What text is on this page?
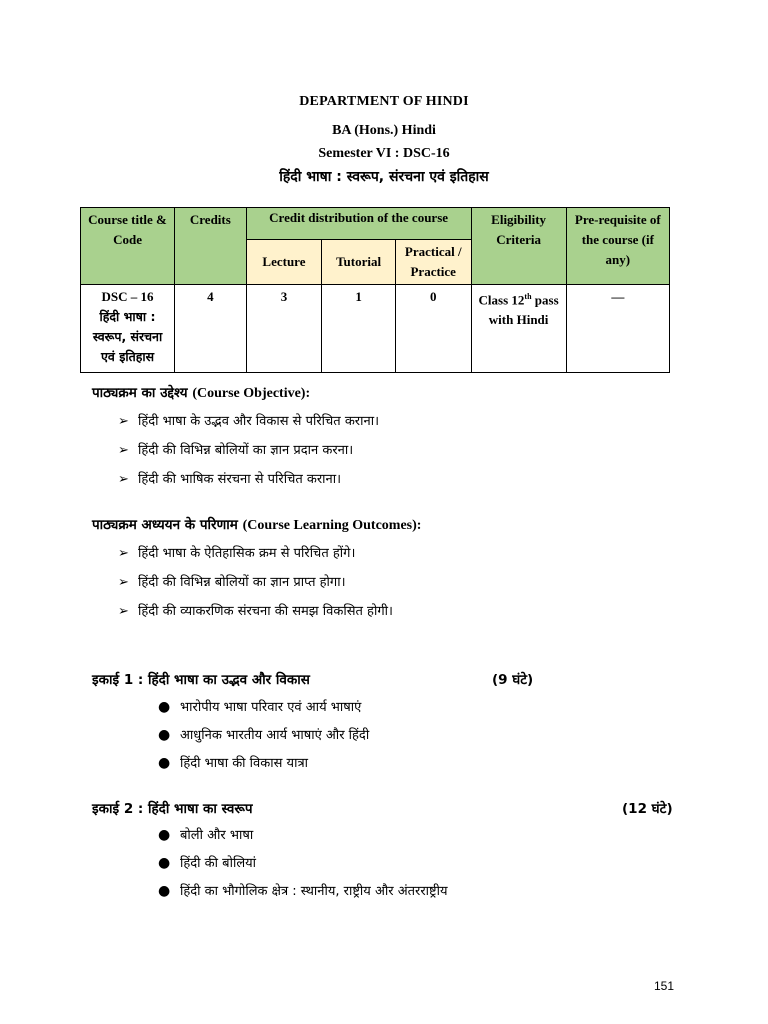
DEPARTMENT OF HINDI
BA (Hons.) Hindi
Semester VI : DSC-16
हिंदी भाषा : स्वरूप, संरचना एवं इतिहास
Course title & Code	Credits	Credit distribution of the course			Eligibility Criteria	Pre-requisite of the course (if any)
		Lecture	Tutorial	Practical / Practice		

DSC – 16
हिंदी भाषा : स्वरूप, संरचना एवं इतिहास	4	3	1	0	Class 12th pass with Hindi	—
पाठ्यक्रम का उद्देश्य (Course Objective):
➢ हिंदी भाषा के उद्भव और विकास से परिचित कराना।
➢ हिंदी की विभिन्न बोलियों का ज्ञान प्रदान करना।
➢ हिंदी की भाषिक संरचना से परिचित कराना।
पाठ्यक्रम अध्ययन के परिणाम (Course Learning Outcomes):
➢ हिंदी भाषा के ऐतिहासिक क्रम से परिचित होंगे।
➢ हिंदी की विभिन्न बोलियों का ज्ञान प्राप्त होगा।
➢ हिंदी की व्याकरणिक संरचना की समझ विकसित होगी।
इकाई 1 : हिंदी भाषा का उद्भव और विकास	(9 घंटे)
● भारोपीय भाषा परिवार एवं आर्य भाषाएं
● आधुनिक भारतीय आर्य भाषाएं और हिंदी
● हिंदी भाषा की विकास यात्रा
इकाई 2 : हिंदी भाषा का स्वरूप	(12 घंटे)
● बोली और भाषा
● हिंदी की बोलियां
● हिंदी का भौगोलिक क्षेत्र : स्थानीय, राष्ट्रीय और अंतरराष्ट्रीय
151
